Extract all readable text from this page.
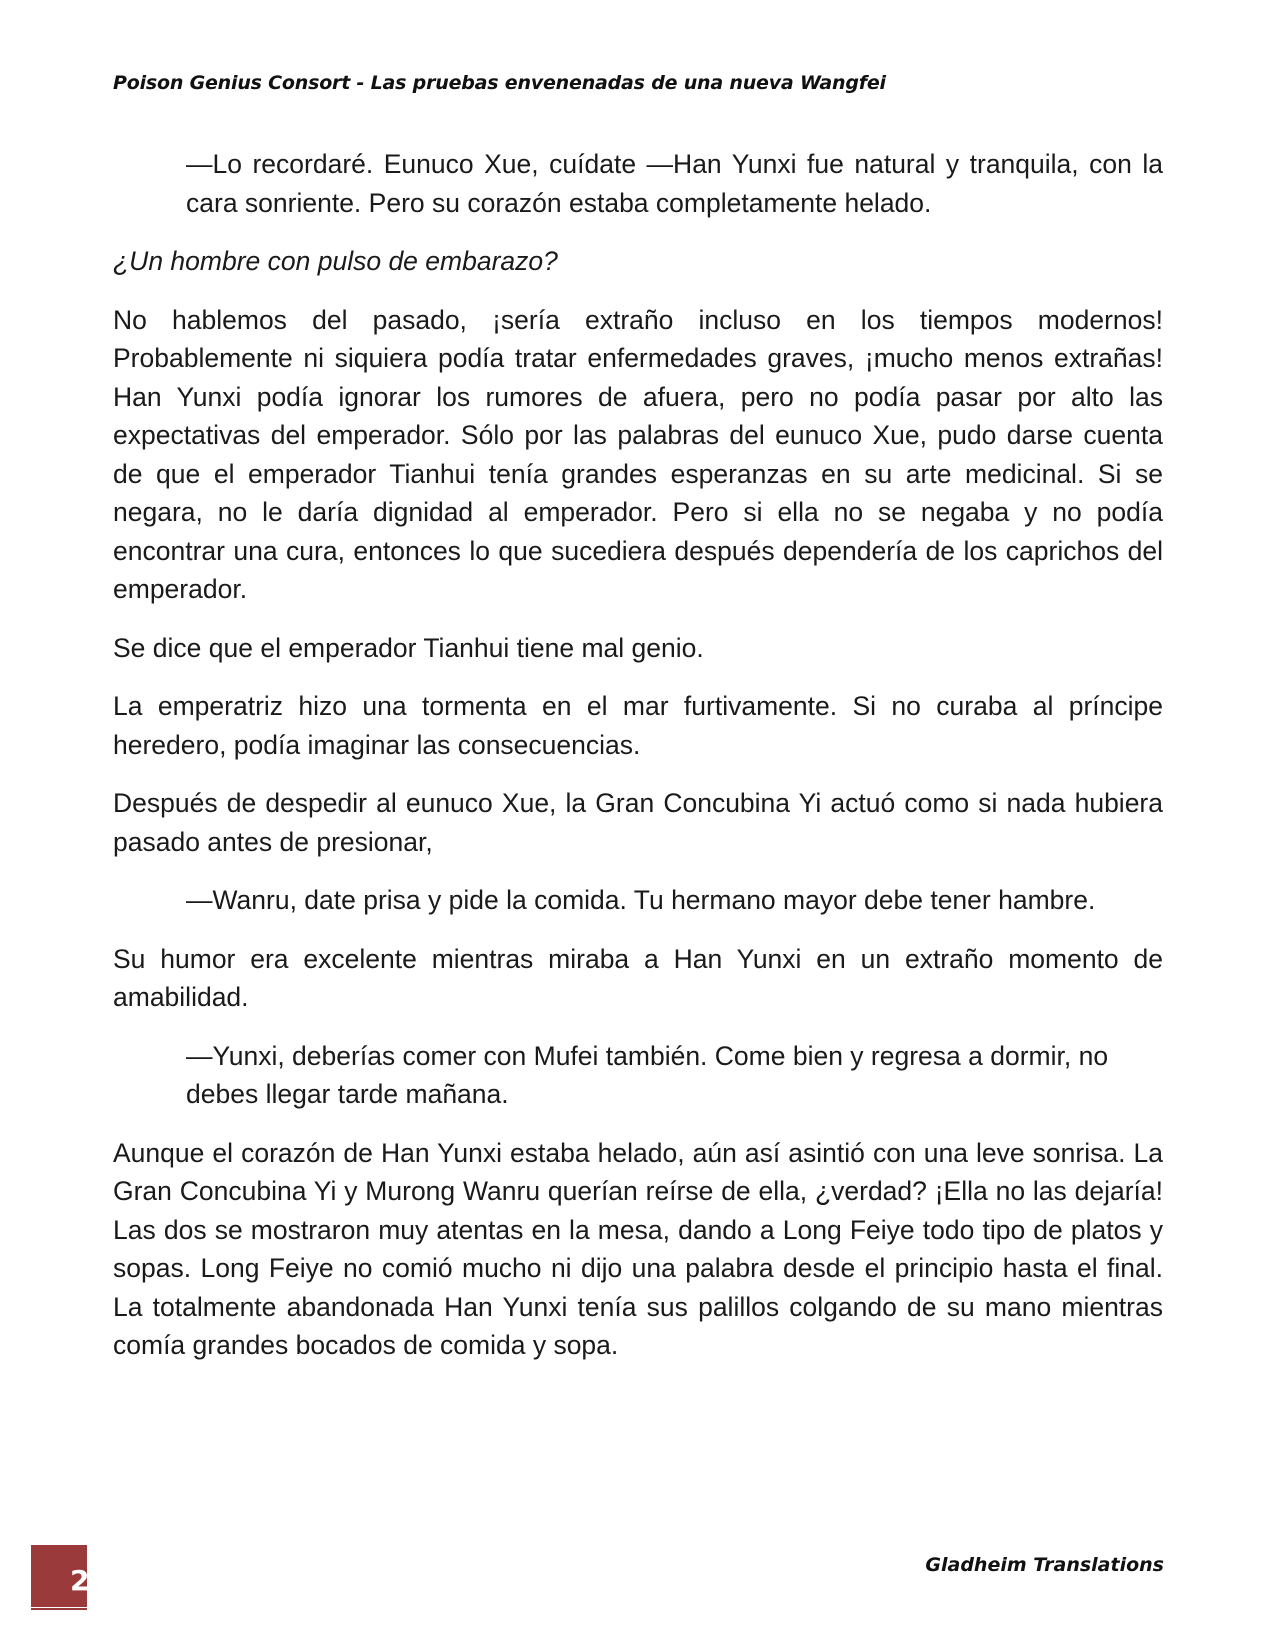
Poison Genius Consort - Las pruebas envenenadas de una nueva Wangfei

—Lo recordaré. Eunuco Xue, cuídate —Han Yunxi fue natural y tranquila, con la cara sonriente. Pero su corazón estaba completamente helado.

¿Un hombre con pulso de embarazo?

No hablemos del pasado, ¡sería extraño incluso en los tiempos modernos! Probablemente ni siquiera podía tratar enfermedades graves, ¡mucho menos extrañas! Han Yunxi podía ignorar los rumores de afuera, pero no podía pasar por alto las expectativas del emperador. Sólo por las palabras del eunuco Xue, pudo darse cuenta de que el emperador Tianhui tenía grandes esperanzas en su arte medicinal. Si se negara, no le daría dignidad al emperador. Pero si ella no se negaba y no podía encontrar una cura, entonces lo que sucediera después dependería de los caprichos del emperador.

Se dice que el emperador Tianhui tiene mal genio.

La emperatriz hizo una tormenta en el mar furtivamente. Si no curaba al príncipe heredero, podía imaginar las consecuencias.

Después de despedir al eunuco Xue, la Gran Concubina Yi actuó como si nada hubiera pasado antes de presionar,

—Wanru, date prisa y pide la comida. Tu hermano mayor debe tener hambre.

Su humor era excelente mientras miraba a Han Yunxi en un extraño momento de amabilidad.

—Yunxi, deberías comer con Mufei también. Come bien y regresa a dormir, no debes llegar tarde mañana.

Aunque el corazón de Han Yunxi estaba helado, aún así asintió con una leve sonrisa. La Gran Concubina Yi y Murong Wanru querían reírse de ella, ¿verdad? ¡Ella no las dejaría! Las dos se mostraron muy atentas en la mesa, dando a Long Feiye todo tipo de platos y sopas. Long Feiye no comió mucho ni dijo una palabra desde el principio hasta el final. La totalmente abandonada Han Yunxi tenía sus palillos colgando de su mano mientras comía grandes bocados de comida y sopa.

2	Gladheim Translations
